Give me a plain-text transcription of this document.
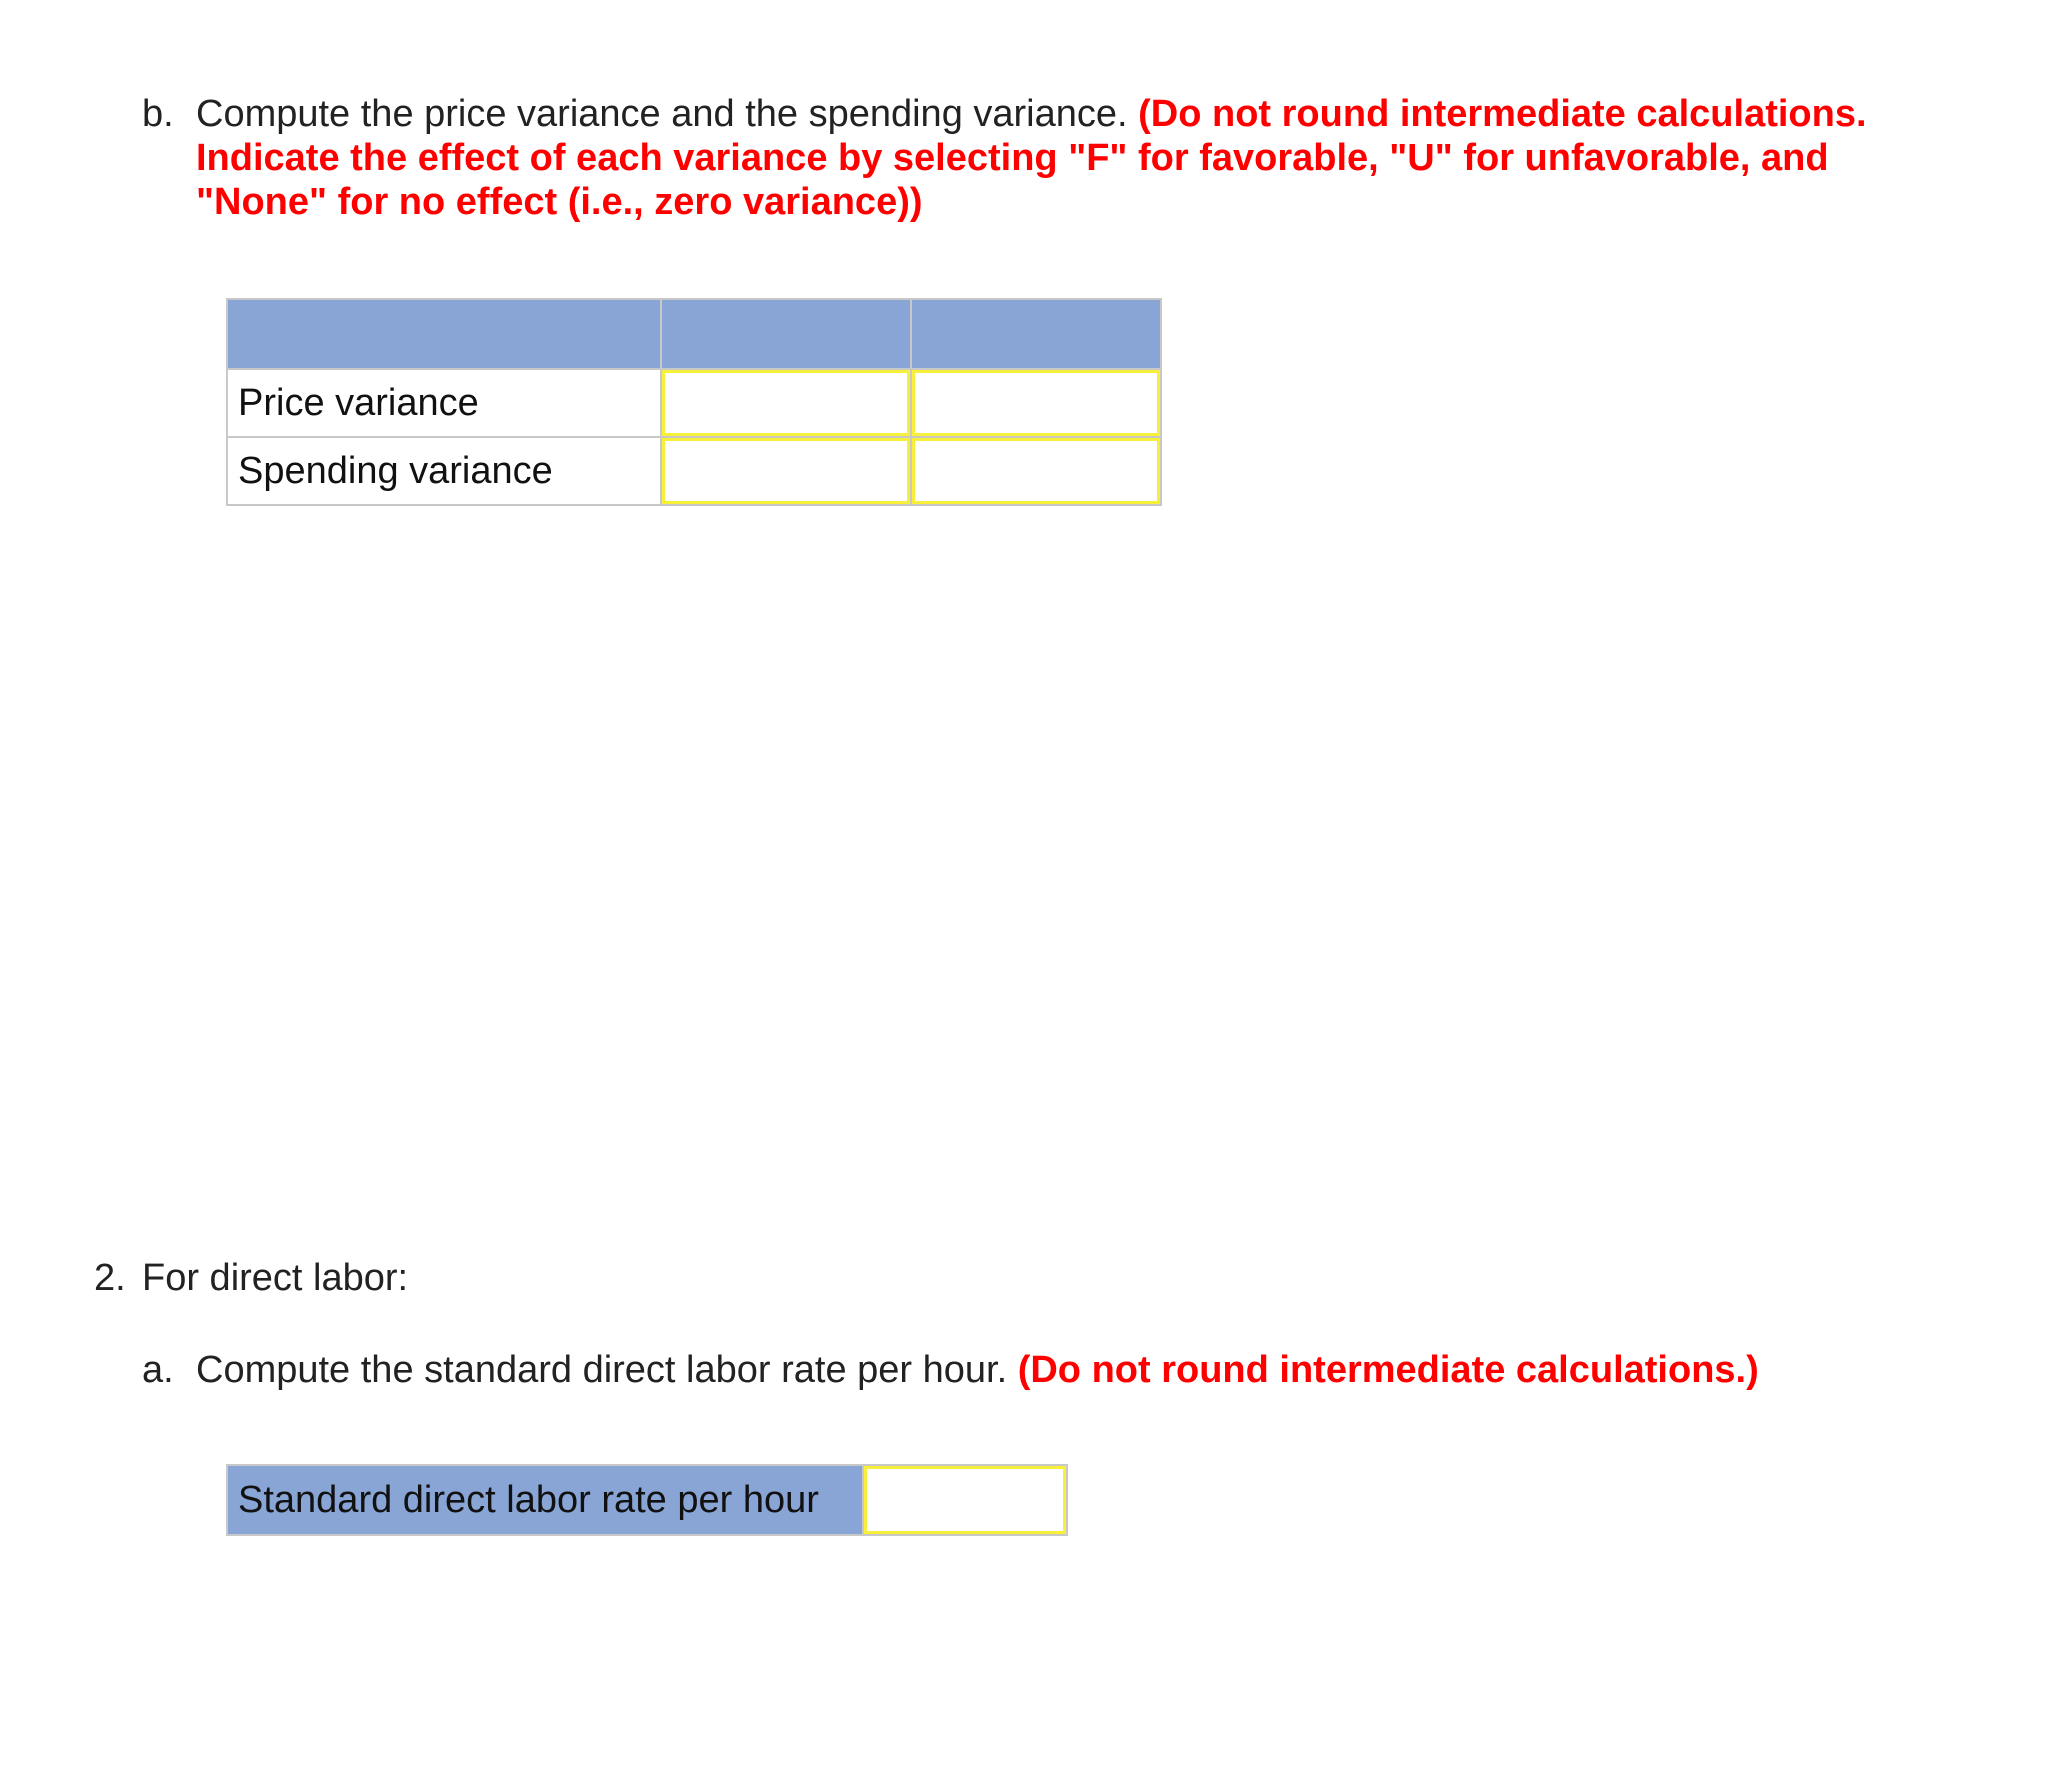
b. Compute the price variance and the spending variance. (Do not round intermediate calculations. Indicate the effect of each variance by selecting "F" for favorable, "U" for unfavorable, and "None" for no effect (i.e., zero variance))

Price variance	

Spending variance	

2. For direct labor:
a. Compute the standard direct labor rate per hour. (Do not round intermediate calculations.)
Standard direct labor rate per hour	
